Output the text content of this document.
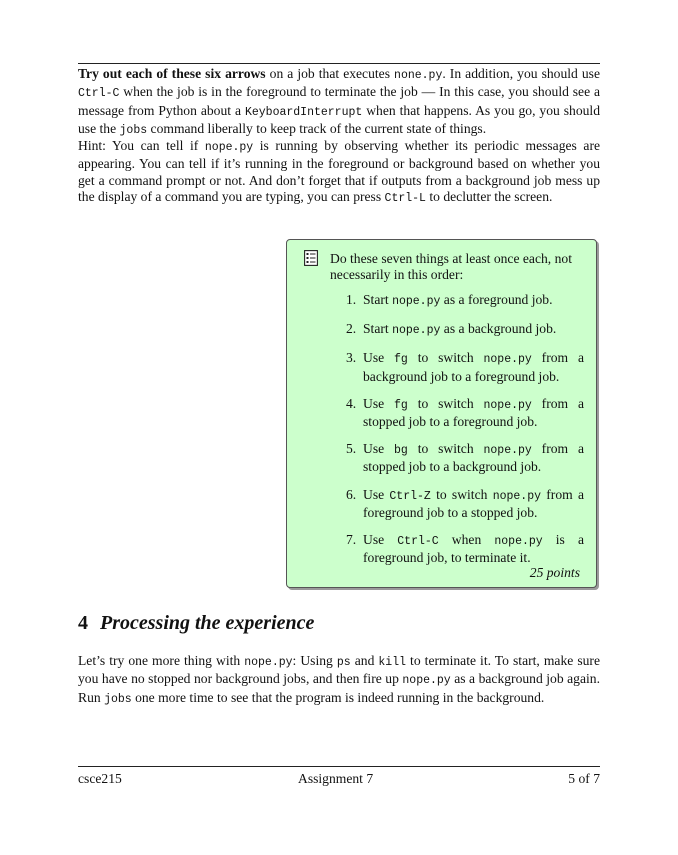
Try out each of these six arrows on a job that executes none.py. In addition, you should use Ctrl-C when the job is in the foreground to terminate the job — In this case, you should see a message from Python about a KeyboardInterrupt when that happens. As you go, you should use the jobs command liberally to keep track of the current state of things.

Hint: You can tell if nope.py is running by observing whether its periodic messages are appearing. You can tell if it’s running in the foreground or background based on whether you get a command prompt or not. And don’t forget that if outputs from a background job mess up the display of a command you are typing, you can press Ctrl-L to declutter the screen.

Do these seven things at least once each, not necessarily in this order:

1. Start nope.py as a foreground job.
2. Start nope.py as a background job.
3. Use fg to switch nope.py from a background job to a foreground job.
4. Use fg to switch nope.py from a stopped job to a foreground job.
5. Use bg to switch nope.py from a stopped job to a background job.
6. Use Ctrl-Z to switch nope.py from a foreground job to a stopped job.
7. Use Ctrl-C when nope.py is a foreground job, to terminate it.
25 points
4 Processing the experience

Let’s try one more thing with nope.py: Using ps and kill to terminate it. To start, make sure you have no stopped nor background jobs, and then fire up nope.py as a background job again. Run jobs one more time to see that the program is indeed running in the background.

csce215	Assignment 7	5 of 7
